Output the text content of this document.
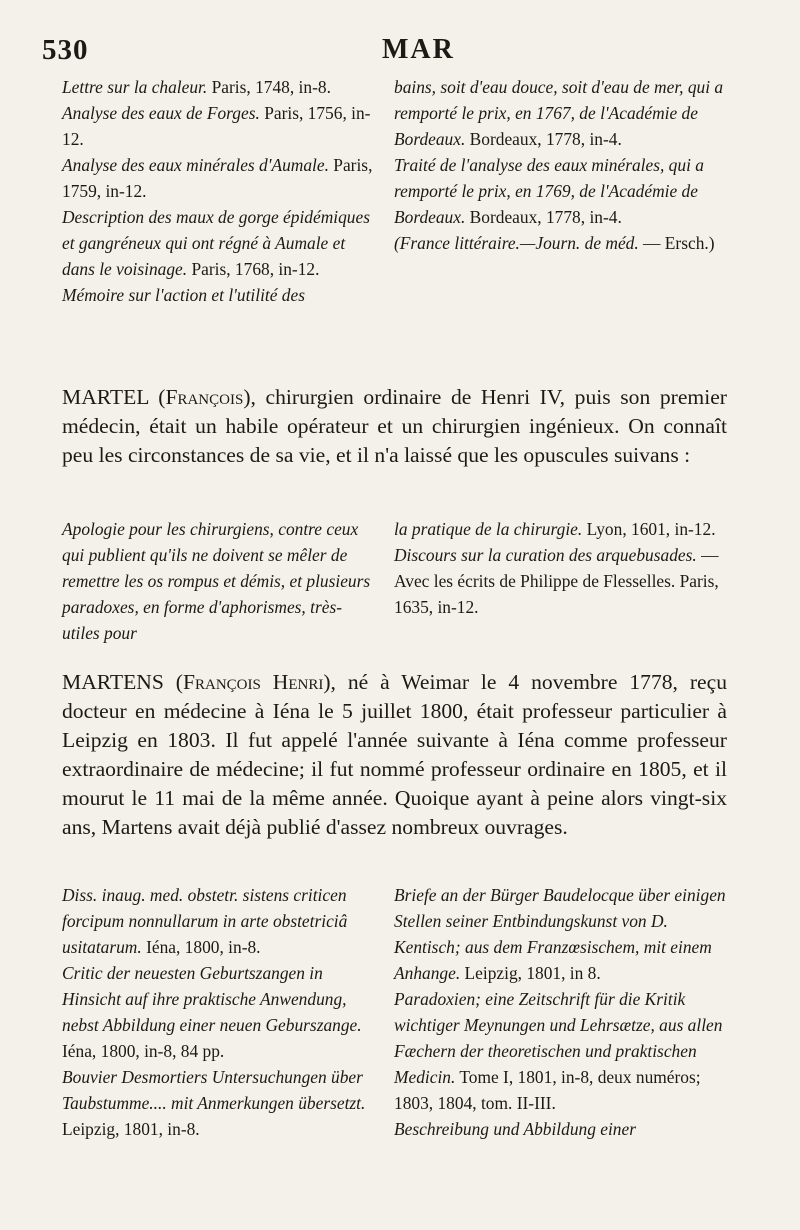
530	MAR

Lettre sur la chaleur. Paris, 1748, in-8.

Analyse des eaux de Forges. Paris, 1756, in-12.

Analyse des eaux minérales d'Aumale. Paris, 1759, in-12.

Description des maux de gorge épidémiques et gangréneux qui ont régné à Aumale et dans le voisinage. Paris, 1768, in-12.

Mémoire sur l'action et l'utilité des

bains, soit d'eau douce, soit d'eau de mer, qui a remporté le prix, en 1767, de l'Académie de Bordeaux. Bordeaux, 1778, in-4.

Traité de l'analyse des eaux minérales, qui a remporté le prix, en 1769, de l'Académie de Bordeaux. Bordeaux, 1778, in-4.

(France littéraire.—Journ. de méd. — Ersch.)

MARTEL (François), chirurgien ordinaire de Henri IV, puis son premier médecin, était un habile opérateur et un chirurgien ingénieux. On connaît peu les circonstances de sa vie, et il n'a laissé que les opuscules suivans :

Apologie pour les chirurgiens, contre ceux qui publient qu'ils ne doivent se mêler de remettre les os rompus et démis, et plusieurs paradoxes, en forme d'aphorismes, très-utiles pour

la pratique de la chirurgie. Lyon, 1601, in-12.

Discours sur la curation des arquebusades. —Avec les écrits de Philippe de Flesselles. Paris, 1635, in-12.

MARTENS (François Henri), né à Weimar le 4 novembre 1778, reçu docteur en médecine à Iéna le 5 juillet 1800, était professeur particulier à Leipzig en 1803. Il fut appelé l'année suivante à Iéna comme professeur extraordinaire de médecine; il fut nommé professeur ordinaire en 1805, et il mourut le 11 mai de la même année. Quoique ayant à peine alors vingt-six ans, Martens avait déjà publié d'assez nombreux ouvrages.

Diss. inaug. med. obstetr. sistens criticen forcipum nonnullarum in arte obstetriciâ usitatarum. Iéna, 1800, in-8.

Critic der neuesten Geburtszangen in Hinsicht auf ihre praktische Anwendung, nebst Abbildung einer neuen Geburszange. Iéna, 1800, in-8, 84 pp.

Bouvier Desmortiers Untersuchungen über Taubstumme.... mit Anmerkungen übersetzt. Leipzig, 1801, in-8.

Briefe an der Bürger Baudelocque über einigen Stellen seiner Entbindungskunst von D. Kentisch; aus dem Franzœsischem, mit einem Anhange. Leipzig, 1801, in 8.

Paradoxien; eine Zeitschrift für die Kritik wichtiger Meynungen und Lehrsætze, aus allen Fæchern der theoretischen und praktischen Medicin. Tome I, 1801, in-8, deux numéros; 1803, 1804, tom. II-III.

Beschreibung und Abbildung einer
